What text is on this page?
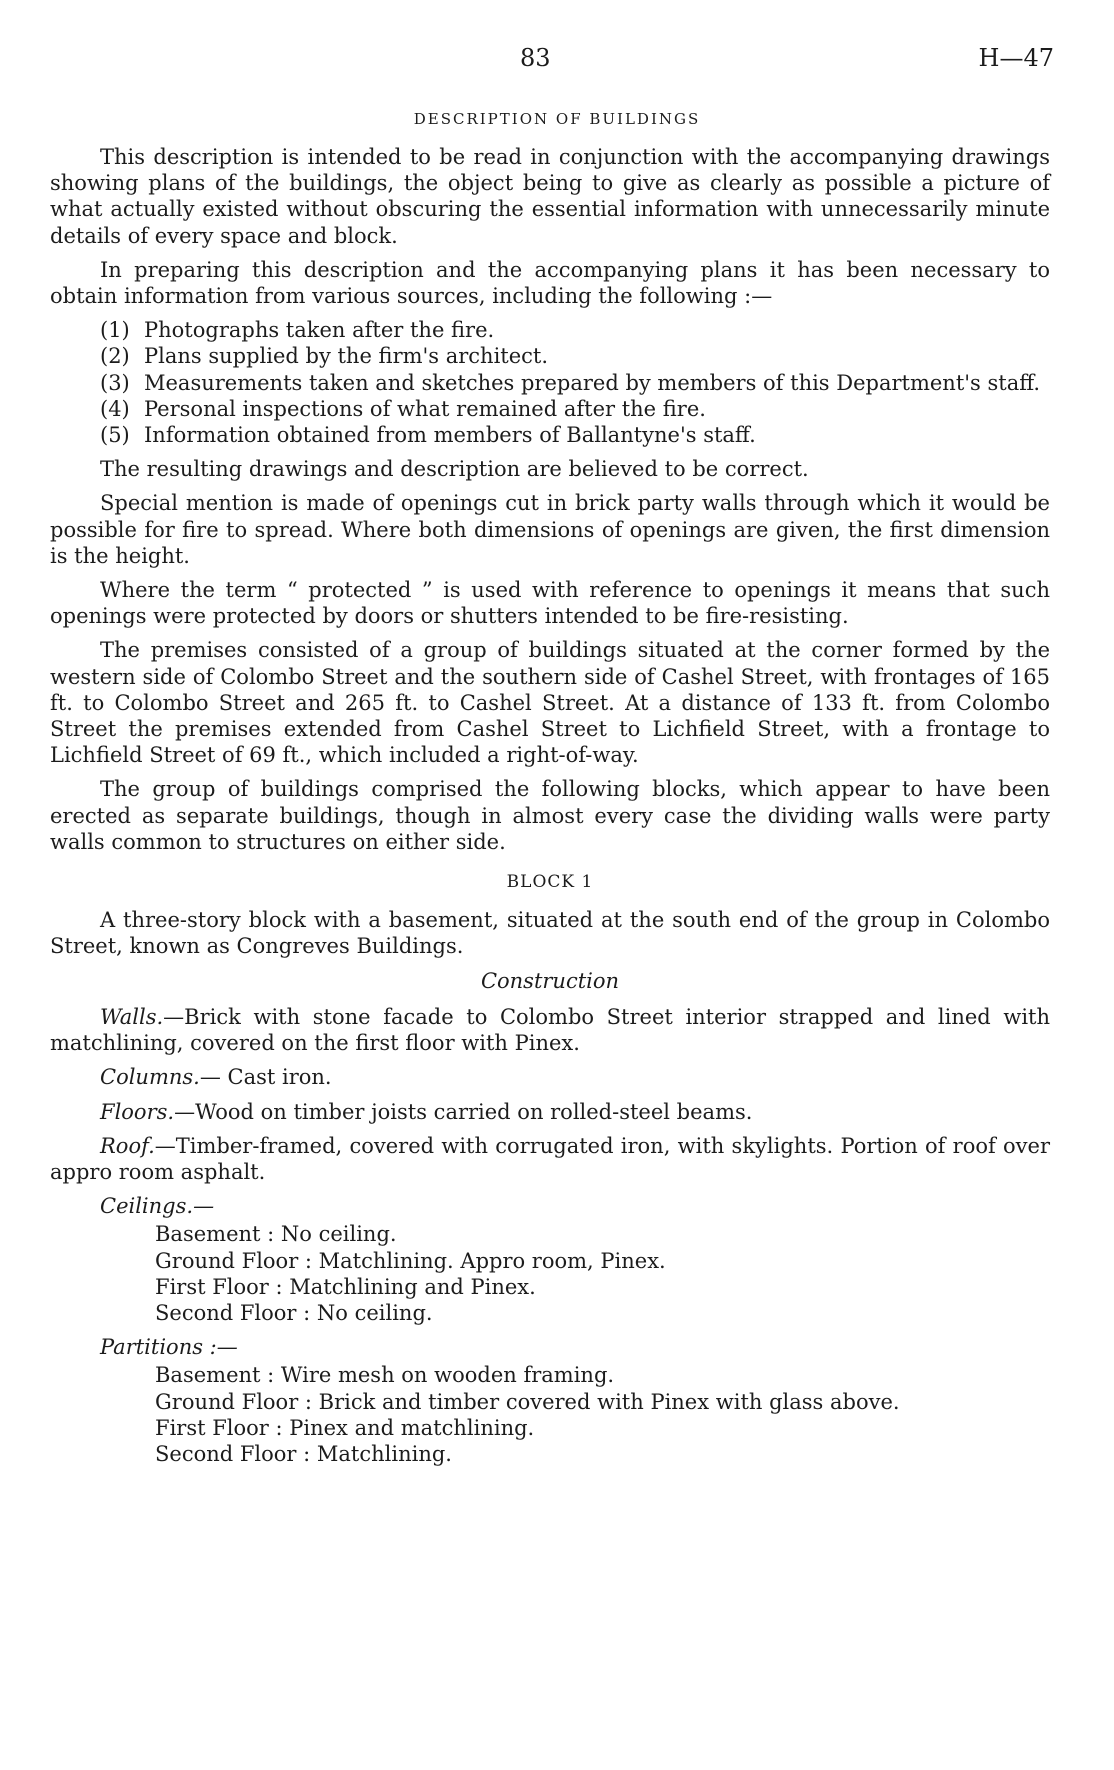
83	H—47
DESCRIPTION OF BUILDINGS

This description is intended to be read in conjunction with the accompanying drawings showing plans of the buildings, the object being to give as clearly as possible a picture of what actually existed without obscuring the essential information with unnecessarily minute details of every space and block.

In preparing this description and the accompanying plans it has been necessary to obtain information from various sources, including the following :—

(1) Photographs taken after the fire.
(2) Plans supplied by the firm's architect.
(3) Measurements taken and sketches prepared by members of this Department's staff.
(4) Personal inspections of what remained after the fire.
(5) Information obtained from members of Ballantyne's staff.

The resulting drawings and description are believed to be correct.

Special mention is made of openings cut in brick party walls through which it would be possible for fire to spread. Where both dimensions of openings are given, the first dimension is the height.

Where the term “ protected ” is used with reference to openings it means that such openings were protected by doors or shutters intended to be fire-resisting.

The premises consisted of a group of buildings situated at the corner formed by the western side of Colombo Street and the southern side of Cashel Street, with frontages of 165 ft. to Colombo Street and 265 ft. to Cashel Street. At a distance of 133 ft. from Colombo Street the premises extended from Cashel Street to Lichfield Street, with a frontage to Lichfield Street of 69 ft., which included a right-of-way.

The group of buildings comprised the following blocks, which appear to have been erected as separate buildings, though in almost every case the dividing walls were party walls common to structures on either side.

BLOCK 1

A three-story block with a basement, situated at the south end of the group in Colombo Street, known as Congreves Buildings.

Construction

Walls.—Brick with stone facade to Colombo Street interior strapped and lined with matchlining, covered on the first floor with Pinex.

Columns.— Cast iron.

Floors.—Wood on timber joists carried on rolled-steel beams.

Roof.—Timber-framed, covered with corrugated iron, with skylights. Portion of roof over appro room asphalt.

Ceilings.—
Basement : No ceiling.
Ground Floor : Matchlining. Appro room, Pinex.
First Floor : Matchlining and Pinex.
Second Floor : No ceiling.
Partitions :—
Basement : Wire mesh on wooden framing.
Ground Floor : Brick and timber covered with Pinex with glass above.
First Floor : Pinex and matchlining.
Second Floor : Matchlining.
